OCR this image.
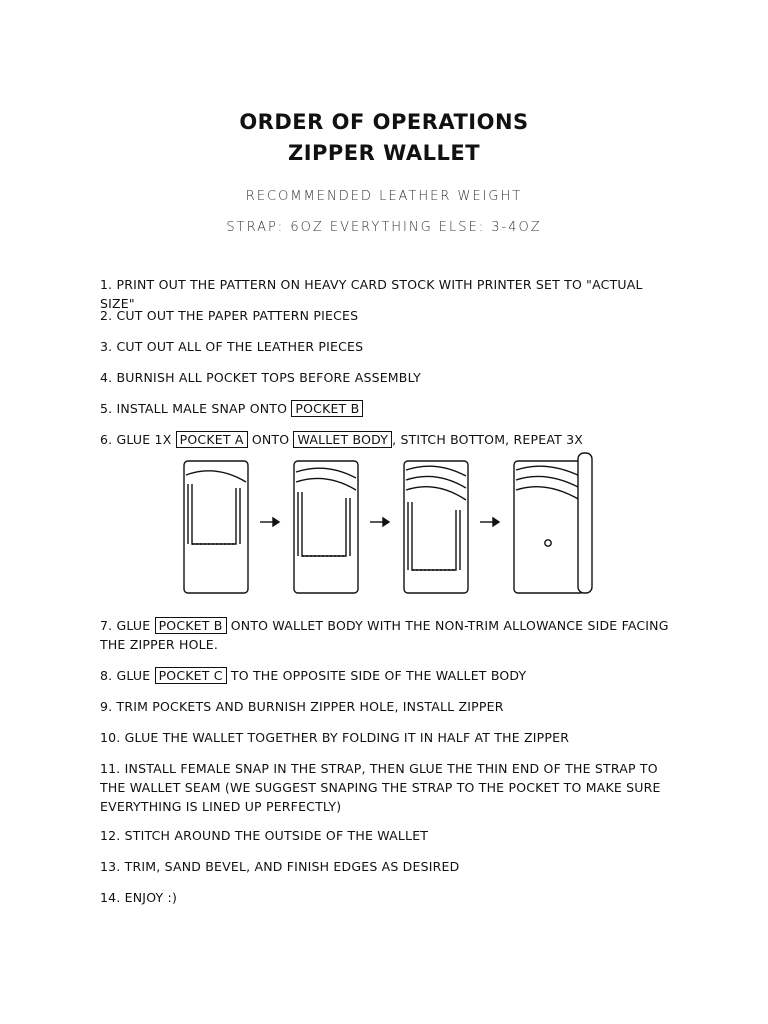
ORDER OF OPERATIONS
ZIPPER WALLET
RECOMMENDED LEATHER WEIGHT
STRAP: 6OZ EVERYTHING ELSE: 3-4OZ
1. PRINT OUT THE PATTERN ON HEAVY CARD STOCK WITH PRINTER SET TO "ACTUAL SIZE"
2. CUT OUT THE PAPER PATTERN PIECES
3. CUT OUT ALL OF THE LEATHER PIECES
4. BURNISH ALL POCKET TOPS BEFORE ASSEMBLY
5. INSTALL MALE SNAP ONTO POCKET B
6. GLUE 1X POCKET A ONTO WALLET BODY , STITCH BOTTOM, REPEAT 3X
7. GLUE POCKET B ONTO WALLET BODY WITH THE NON-TRIM ALLOWANCE SIDE FACING THE ZIPPER HOLE.
8. GLUE POCKET C TO THE OPPOSITE SIDE OF THE WALLET BODY
9. TRIM POCKETS AND BURNISH ZIPPER HOLE, INSTALL ZIPPER
10. GLUE THE WALLET TOGETHER BY FOLDING IT IN HALF AT THE ZIPPER
11. INSTALL FEMALE SNAP IN THE STRAP, THEN GLUE THE THIN END OF THE STRAP TO THE WALLET SEAM (WE SUGGEST SNAPING THE STRAP TO THE POCKET TO MAKE SURE EVERYTHING IS LINED UP PERFECTLY)
12. STITCH AROUND THE OUTSIDE OF THE WALLET
13. TRIM, SAND BEVEL, AND FINISH EDGES AS DESIRED
14. ENJOY :)
